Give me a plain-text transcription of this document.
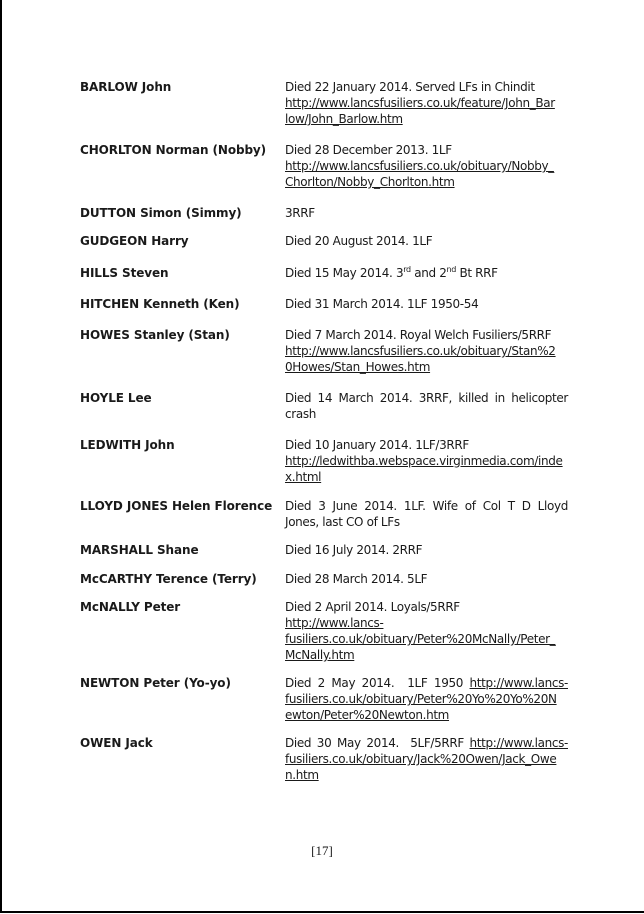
BARLOW John	Died 22 January 2014. Served LFs in Chindit
http://www.lancsfusiliers.co.uk/feature/John_Bar
low/John_Barlow.htm
CHORLTON Norman (Nobby)	Died 28 December 2013. 1LF
http://www.lancsfusiliers.co.uk/obituary/Nobby_
Chorlton/Nobby_Chorlton.htm
DUTTON Simon (Simmy)	3RRF
GUDGEON Harry	Died 20 August 2014. 1LF
HILLS Steven	Died 15 May 2014. 3rd and 2nd Bt RRF
HITCHEN Kenneth (Ken)	Died 31 March 2014. 1LF 1950-54
HOWES Stanley (Stan)	Died 7 March 2014. Royal Welch Fusiliers/5RRF
http://www.lancsfusiliers.co.uk/obituary/Stan%2
0Howes/Stan_Howes.htm
HOYLE Lee	Died 14 March 2014. 3RRF, killed in helicopter
crash
LEDWITH John	Died 10 January 2014. 1LF/3RRF
http://ledwithba.webspace.virginmedia.com/inde
x.html
LLOYD JONES Helen Florence	Died 3 June 2014. 1LF. Wife of Col T D Lloyd
Jones, last CO of LFs
MARSHALL Shane	Died 16 July 2014. 2RRF
McCARTHY Terence (Terry)	Died 28 March 2014. 5LF
McNALLY Peter	Died 2 April 2014. Loyals/5RRF
http://www.lancs-
fusiliers.co.uk/obituary/Peter%20McNally/Peter_
McNally.htm
NEWTON Peter (Yo-yo)	Died 2 May 2014.  1LF 1950 http://www.lancs-
fusiliers.co.uk/obituary/Peter%20Yo%20Yo%20N
ewton/Peter%20Newton.htm
OWEN Jack	Died 30 May 2014.  5LF/5RRF http://www.lancs-
fusiliers.co.uk/obituary/Jack%20Owen/Jack_Owe
n.htm
[17]
